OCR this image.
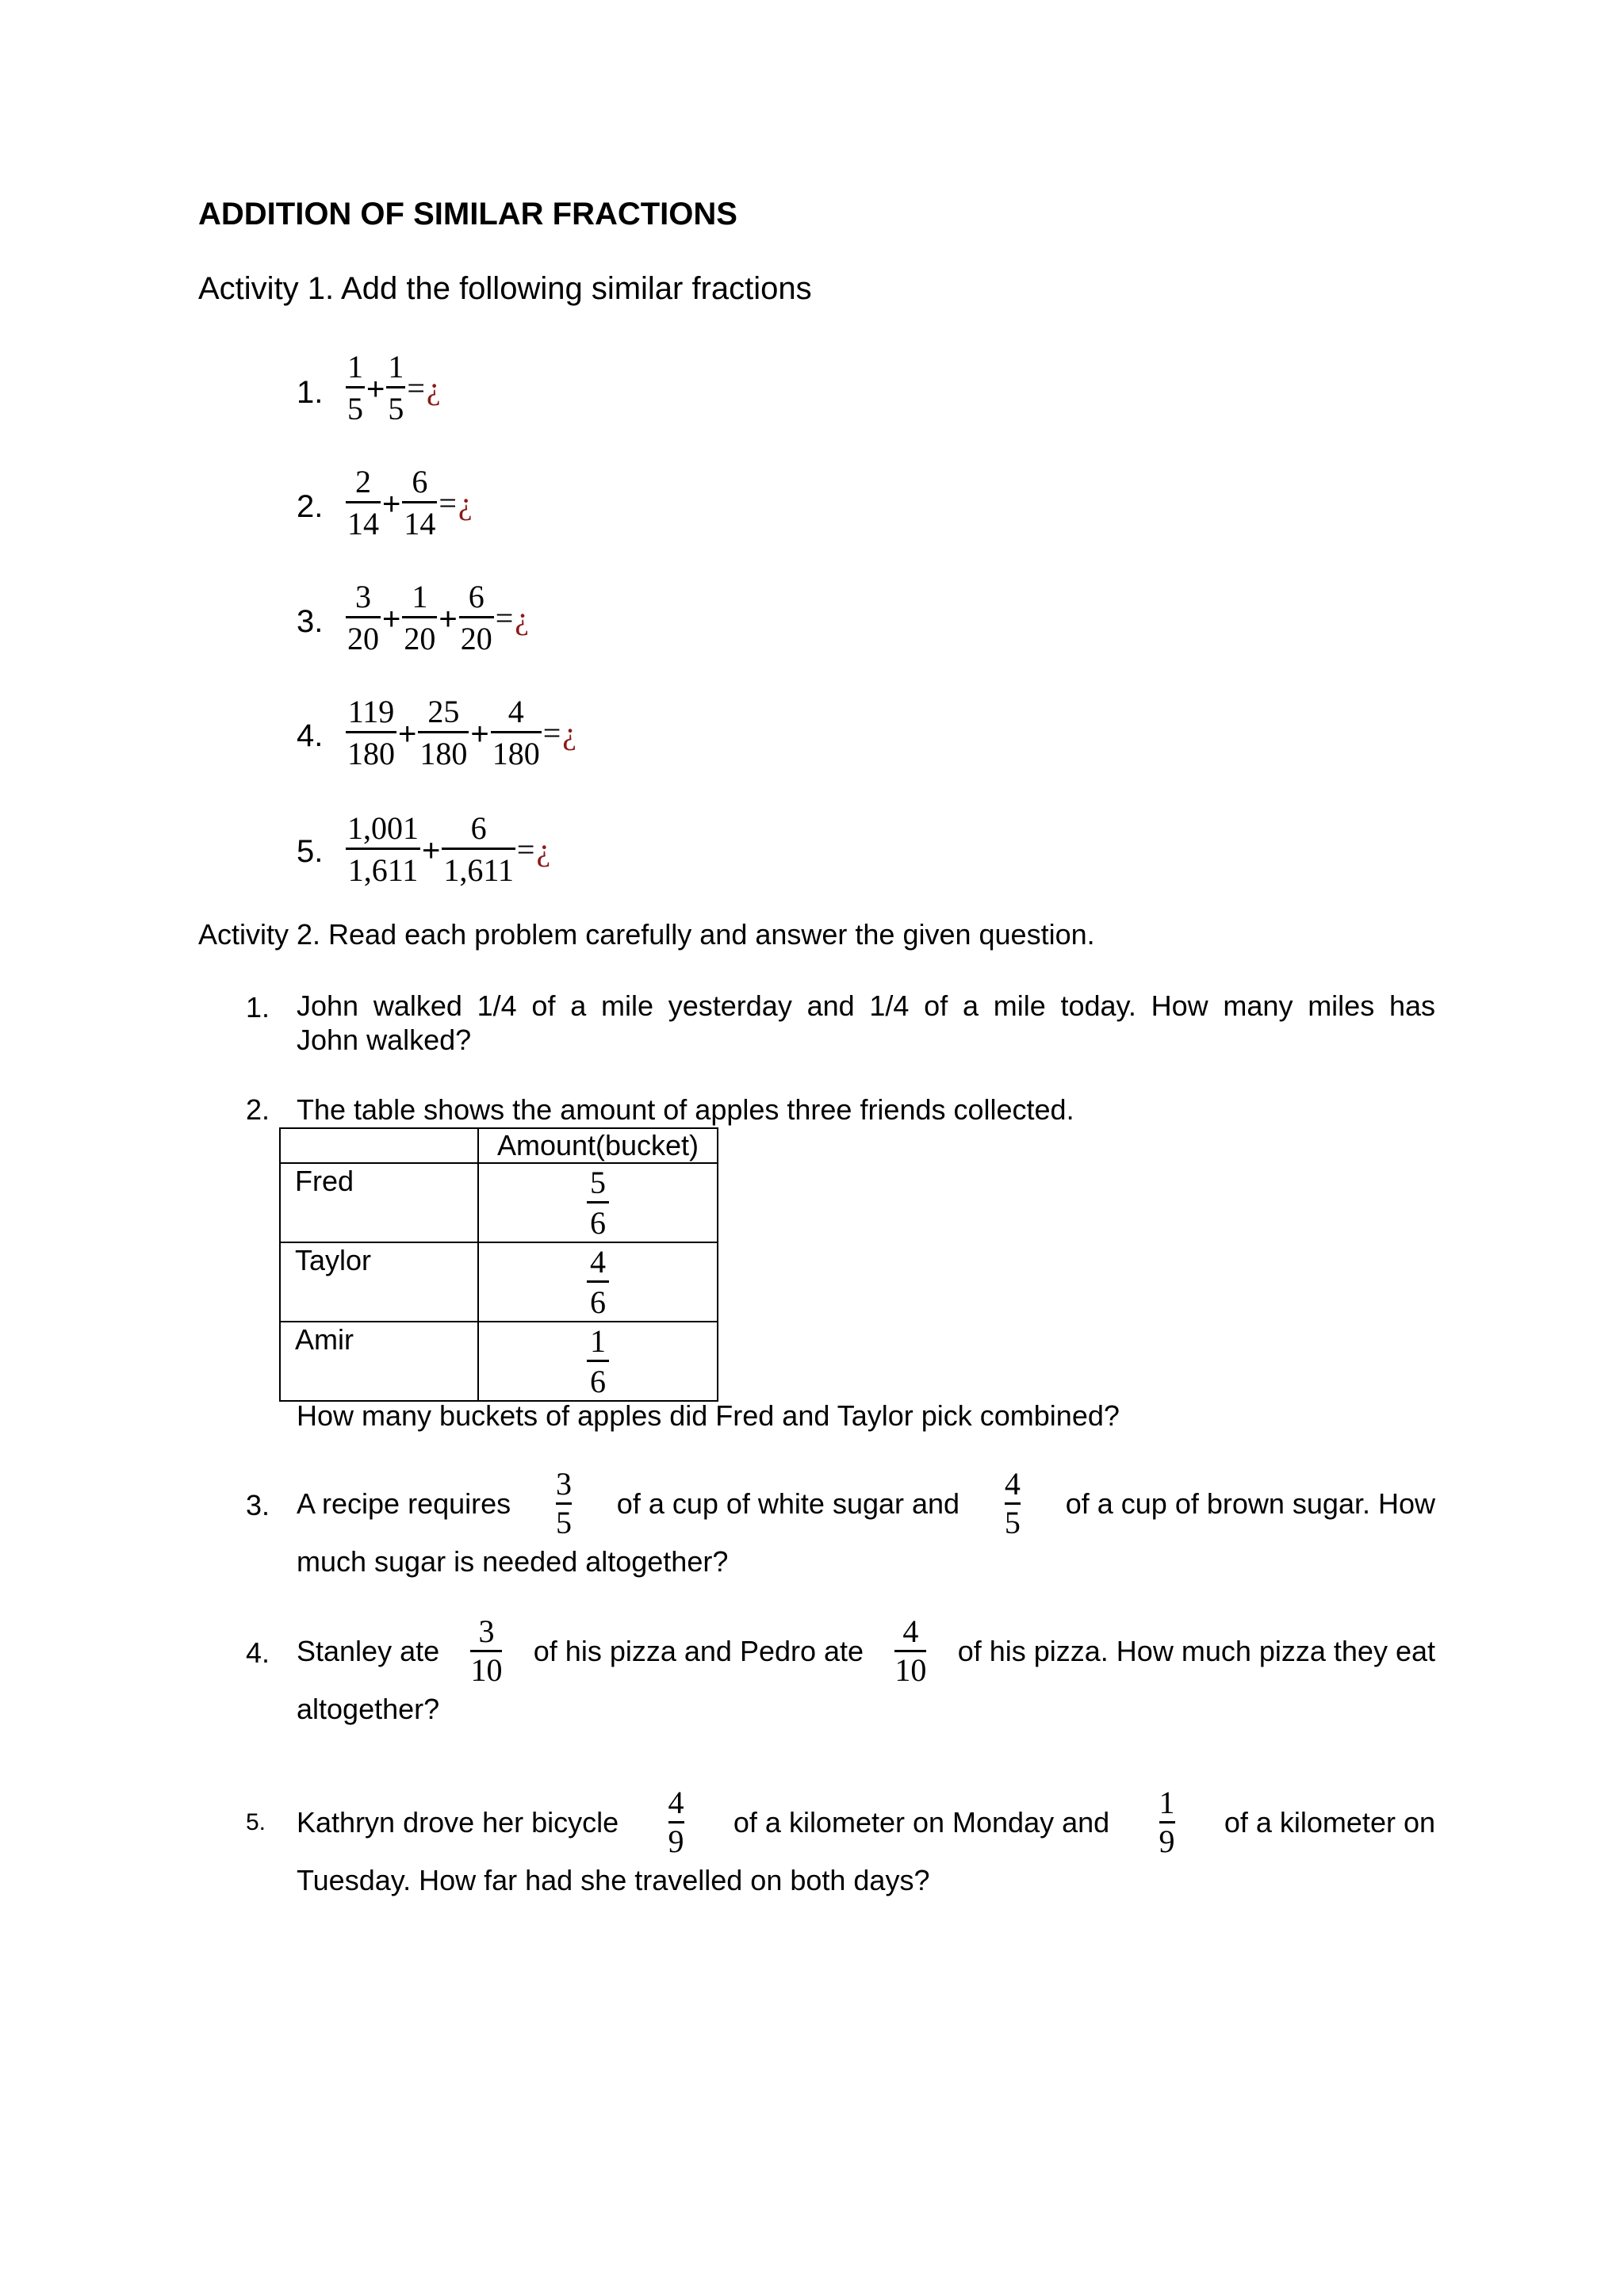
ADDITION OF SIMILAR FRACTIONS
Activity 1. Add the following similar fractions
1. $\frac{1}{5} + \frac{1}{5}$ = ¿
2. $\frac{2}{14} + \frac{6}{14}$ = ¿
3. $\frac{3}{20} + \frac{1}{20} + \frac{6}{20}$ = ¿
4. $\frac{119}{180} + \frac{25}{180} + \frac{4}{180}$ = ¿
5. $\frac{1,001}{1,611} + \frac{6}{1,611}$ = ¿
Activity 2. Read each problem carefully and answer the given question.
1. John walked 1/4 of a mile yesterday and 1/4 of a mile today. How many miles has
John walked?
2. The table shows the amount of apples three friends collected.
	Amount(bucket)
Fred	$\frac{5}{6}$

Taylor	$\frac{4}{6}$

Amir	$\frac{1}{6}$
How many buckets of apples did Fred and Taylor pick combined?
3. A recipe requires $\frac{3}{5}$ of a cup of white sugar and $\frac{4}{5}$ of a cup of brown sugar. How
much sugar is needed altogether?
4. Stanley ate $\frac{3}{10}$ of his pizza and Pedro ate $\frac{4}{10}$ of his pizza. How much pizza they eat
altogether?
5. Kathryn drove her bicycle $\frac{4}{9}$ of a kilometer on Monday and $\frac{1}{9}$ of a kilometer on
Tuesday. How far had she travelled on both days?
